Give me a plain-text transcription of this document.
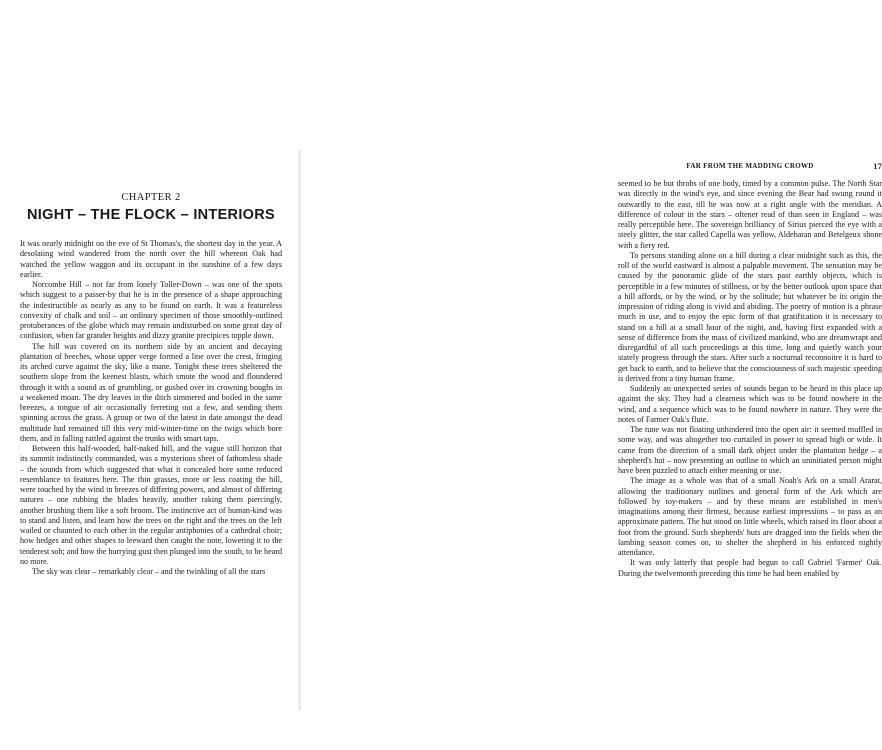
CHAPTER 2
NIGHT – THE FLOCK – INTERIORS

It was nearly midnight on the eve of St Thomas's, the shortest day in the year. A desolating wind wandered from the north over the hill whereon Oak had watched the yellow waggon and its occupant in the sunshine of a few days earlier.

Norcombe Hill – not far from lonely Toller-Down – was one of the spots which suggest to a passer-by that he is in the presence of a shape approaching the indestructible as nearly as any to be found on earth. It was a featureless convexity of chalk and soil – an ordinary specimen of those smoothly-outlined protuberances of the globe which may remain undisturbed on some great day of confusion, when far grander heights and dizzy granite precipices topple down.

The hill was covered on its northern side by an ancient and decaying plantation of beeches, whose upper verge formed a line over the crest, fringing its arched curve against the sky, like a mane. Tonight these trees sheltered the southern slope from the keenest blasts, which smote the wood and floundered through it with a sound as of grumbling, or gushed over its crowning boughs in a weakened moan. The dry leaves in the ditch simmered and boiled in the same breezes, a tongue of air occasionally ferreting out a few, and sending them spinning across the grass. A group or two of the latest in date amongst the dead multitude had remained till this very mid-winter-time on the twigs which bore them, and in falling rattled against the trunks with smart taps.

Between this half-wooded, half-naked hill, and the vague still horizon that its summit indistinctly commanded, was a mysterious sheet of fathomless shade – the sounds from which suggested that what it concealed bore some reduced resemblance to features here. The thin grasses, more or less coating the hill, were touched by the wind in breezes of differing powers, and almost of differing natures – one rubbing the blades heavily, another raking them piercingly, another brushing them like a soft broom. The instinctive act of human-kind was to stand and listen, and learn how the trees on the right and the trees on the left wailed or chaunted to each other in the regular antiphonies of a cathedral choir; how hedges and other shapes to leeward then caught the note, lowering it to the tenderest sob; and how the hurrying gust then plunged into the south, to be heard no more.

The sky was clear – remarkably clear – and the twinkling of all the stars

FAR FROM THE MADDING CROWD	17

seemed to be but throbs of one body, timed by a common pulse. The North Star was directly in the wind's eye, and since evening the Bear had swung round it outwardly to the east, till he was now at a right angle with the meridian. A difference of colour in the stars – oftener read of than seen in England – was really perceptible here. The sovereign brilliancy of Sirius pierced the eye with a steely glitter, the star called Capella was yellow, Aldebaran and Betelgeux shone with a fiery red.

To persons standing alone on a hill during a clear midnight such as this, the roll of the world eastward is almost a palpable movement. The sensation may be caused by the panoramic glide of the stars past earthly objects, which is perceptible in a few minutes of stillness, or by the better outlook upon space that a hill affords, or by the wind, or by the solitude; but whatever be its origin the impression of riding along is vivid and abiding. The poetry of motion is a phrase much in use, and to enjoy the epic form of that gratification it is necessary to stand on a hill at a small hour of the night, and, having first expanded with a sense of difference from the mass of civilized mankind, who are dreamwrapt and disregardful of all such proceedings at this time, long and quietly watch your stately progress through the stars. After such a nocturnal reconnoitre it is hard to get back to earth, and to believe that the consciousness of such majestic speeding is derived from a tiny human frame.

Suddenly an unexpected series of sounds began to be heard in this place up against the sky. They had a clearness which was to be found nowhere in the wind, and a sequence which was to be found nowhere in nature. They were the notes of Farmer Oak's flute.

The tune was not floating unhindered into the open air: it seemed muffled in some way, and was altogether too curtailed in power to spread high or wide. It came from the direction of a small dark object under the plantation hedge – a shepherd's hut – now presenting an outline to which an uninitiated person might have been puzzled to attach either meaning or use.

The image as a whole was that of a small Noah's Ark on a small Ararat, allowing the traditionary outlines and general form of the Ark which are followed by toy-makers – and by these means are established in men's imaginations among their firmest, because earliest impressions – to pass as an approximate pattern. The hut stood on little wheels, which raised its floor about a foot from the ground. Such shepherds' huts are dragged into the fields when the lambing season comes on, to shelter the shepherd in his enforced nightly attendance.

It was only latterly that people had begun to call Gabriel 'Farmer' Oak. During the twelvemonth preceding this time he had been enabled by
